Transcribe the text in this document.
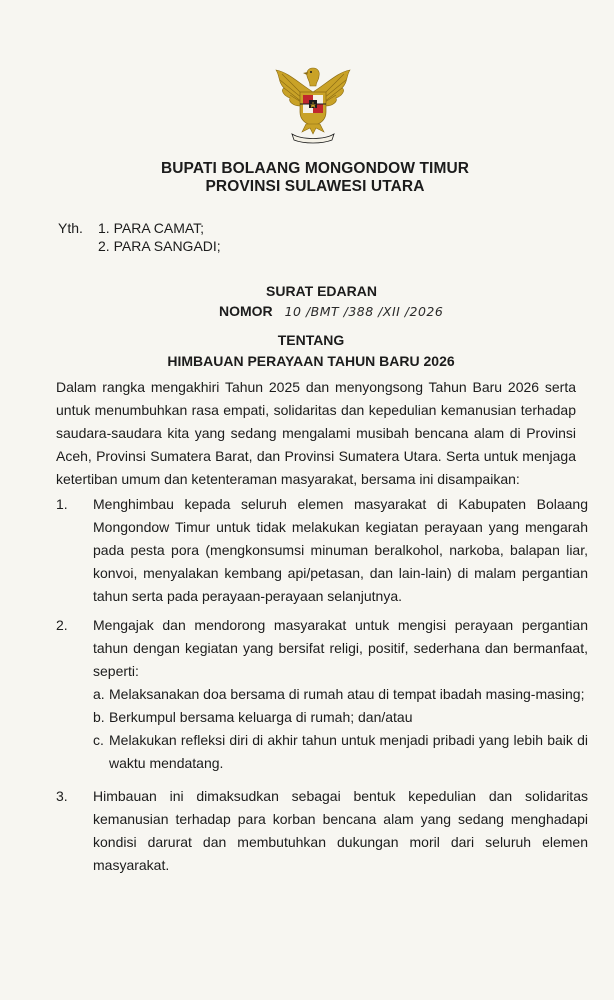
BUPATI BOLAANG MONGONDOW TIMUR
PROVINSI SULAWESI UTARA
Yth. 1. PARA CAMAT;
2. PARA SANGADI;
SURAT EDARAN
NOMOR 10 /BMT /388 /XII /2026
TENTANG
HIMBAUAN PERAYAAN TAHUN BARU 2026
Dalam rangka mengakhiri Tahun 2025 dan menyongsong Tahun Baru 2026 serta untuk menumbuhkan rasa empati, solidaritas dan kepedulian kemanusian terhadap saudara-saudara kita yang sedang mengalami musibah bencana alam di Provinsi Aceh, Provinsi Sumatera Barat, dan Provinsi Sumatera Utara. Serta untuk menjaga ketertiban umum dan ketenteraman masyarakat, bersama ini disampaikan:
1. Menghimbau kepada seluruh elemen masyarakat di Kabupaten Bolaang Mongondow Timur untuk tidak melakukan kegiatan perayaan yang mengarah pada pesta pora (mengkonsumsi minuman beralkohol, narkoba, balapan liar, konvoi, menyalakan kembang api/petasan, dan lain-lain) di malam pergantian tahun serta pada perayaan-perayaan selanjutnya.
2. Mengajak dan mendorong masyarakat untuk mengisi perayaan pergantian tahun dengan kegiatan yang bersifat religi, positif, sederhana dan bermanfaat, seperti:
a. Melaksanakan doa bersama di rumah atau di tempat ibadah masing-masing;
b. Berkumpul bersama keluarga di rumah; dan/atau
c. Melakukan refleksi diri di akhir tahun untuk menjadi pribadi yang lebih baik di waktu mendatang.
3. Himbauan ini dimaksudkan sebagai bentuk kepedulian dan solidaritas kemanusian terhadap para korban bencana alam yang sedang menghadapi kondisi darurat dan membutuhkan dukungan moril dari seluruh elemen masyarakat.
